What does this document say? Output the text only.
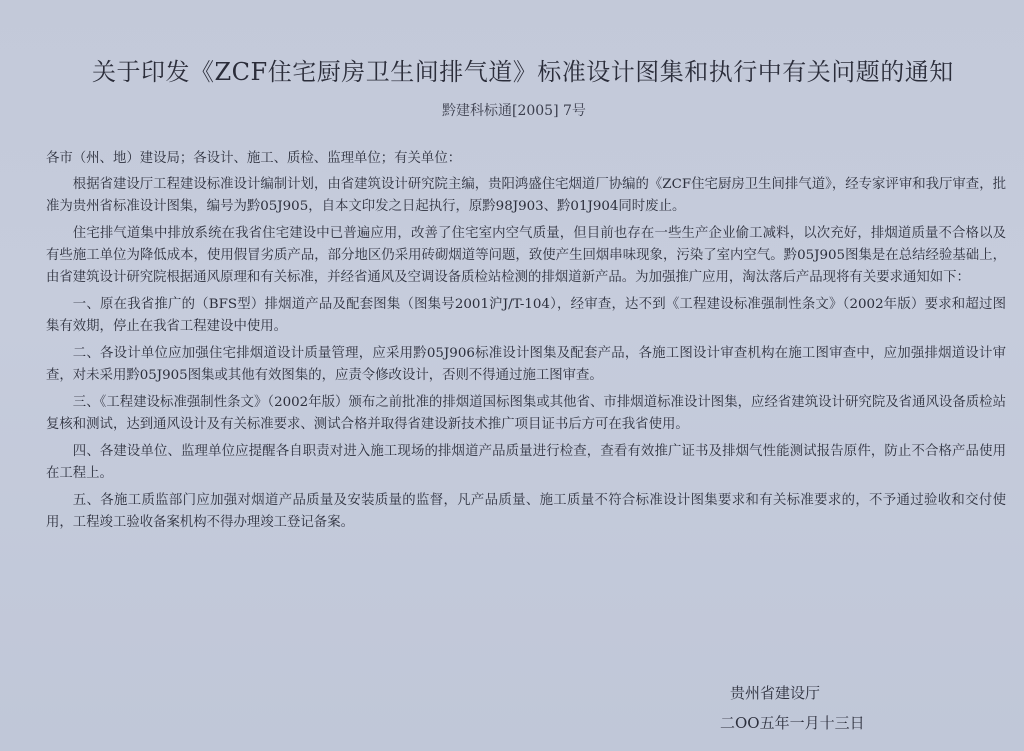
关于印发《ZCF住宅厨房卫生间排气道》标准设计图集和执行中有关问题的通知
黔建科标通[2005] 7号

各市（州、地）建设局；各设计、施工、质检、监理单位；有关单位：

根据省建设厅工程建设标准设计编制计划，由省建筑设计研究院主编，贵阳鸿盛住宅烟道厂协编的《ZCF住宅厨房卫生间排气道》，经专家评审和我厅审查，批准为贵州省标准设计图集，编号为黔05J905，自本文印发之日起执行，原黔98J903、黔01J904同时废止。

住宅排气道集中排放系统在我省住宅建设中已普遍应用，改善了住宅室内空气质量，但目前也存在一些生产企业偷工减料，以次充好，排烟道质量不合格以及有些施工单位为降低成本，使用假冒劣质产品，部分地区仍采用砖砌烟道等问题，致使产生回烟串味现象，污染了室内空气。黔05J905图集是在总结经验基础上，由省建筑设计研究院根据通风原理和有关标准，并经省通风及空调设备质检站检测的排烟道新产品。为加强推广应用，淘汰落后产品现将有关要求通知如下：

一、原在我省推广的（BFS型）排烟道产品及配套图集（图集号2001沪J/T-104），经审查，达不到《工程建设标准强制性条文》（2002年版）要求和超过图集有效期，停止在我省工程建设中使用。

二、各设计单位应加强住宅排烟道设计质量管理，应采用黔05J906标准设计图集及配套产品，各施工图设计审查机构在施工图审查中，应加强排烟道设计审查，对未采用黔05J905图集或其他有效图集的，应责令修改设计，否则不得通过施工图审查。

三、《工程建设标准强制性条文》（2002年版）颁布之前批准的排烟道国标图集或其他省、市排烟道标准设计图集，应经省建筑设计研究院及省通风设备质检站复核和测试，达到通风设计及有关标准要求、测试合格并取得省建设新技术推广项目证书后方可在我省使用。

四、各建设单位、监理单位应提醒各自职责对进入施工现场的排烟道产品质量进行检查，查看有效推广证书及排烟气性能测试报告原件，防止不合格产品使用在工程上。

五、各施工质监部门应加强对烟道产品质量及安装质量的监督，凡产品质量、施工质量不符合标准设计图集要求和有关标准要求的，不予通过验收和交付使用，工程竣工验收备案机构不得办理竣工登记备案。

贵州省建设厅
二ОО五年一月十三日
